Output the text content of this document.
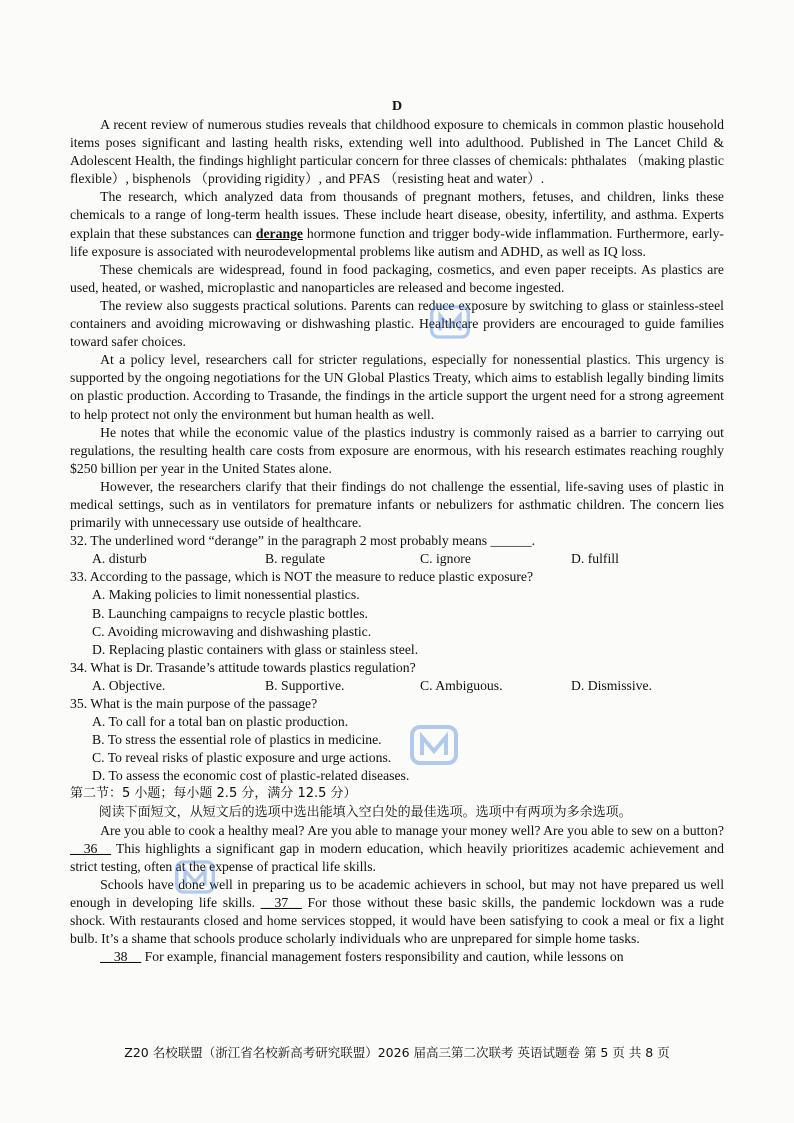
D

A recent review of numerous studies reveals that childhood exposure to chemicals in common plastic household items poses significant and lasting health risks, extending well into adulthood. Published in The Lancet Child & Adolescent Health, the findings highlight particular concern for three classes of chemicals: phthalates （making plastic flexible）, bisphenols （providing rigidity）, and PFAS （resisting heat and water）.

The research, which analyzed data from thousands of pregnant mothers, fetuses, and children, links these chemicals to a range of long-term health issues. These include heart disease, obesity, infertility, and asthma. Experts explain that these substances can derange hormone function and trigger body-wide inflammation. Furthermore, early-life exposure is associated with neurodevelopmental problems like autism and ADHD, as well as IQ loss.

These chemicals are widespread, found in food packaging, cosmetics, and even paper receipts. As plastics are used, heated, or washed, microplastic and nanoparticles are released and become ingested.

The review also suggests practical solutions. Parents can reduce exposure by switching to glass or stainless-steel containers and avoiding microwaving or dishwashing plastic. Healthcare providers are encouraged to guide families toward safer choices.

At a policy level, researchers call for stricter regulations, especially for nonessential plastics. This urgency is supported by the ongoing negotiations for the UN Global Plastics Treaty, which aims to establish legally binding limits on plastic production. According to Trasande, the findings in the article support the urgent need for a strong agreement to help protect not only the environment but human health as well.

He notes that while the economic value of the plastics industry is commonly raised as a barrier to carrying out regulations, the resulting health care costs from exposure are enormous, with his research estimates reaching roughly $250 billion per year in the United States alone.

However, the researchers clarify that their findings do not challenge the essential, life-saving uses of plastic in medical settings, such as in ventilators for premature infants or nebulizers for asthmatic children. The concern lies primarily with unnecessary use outside of healthcare.

32. The underlined word “derange” in the paragraph 2 most probably means ______.

A. disturb	B. regulate	C. ignore	D. fulfill

33. According to the passage, which is NOT the measure to reduce plastic exposure?

A. Making policies to limit nonessential plastics.
B. Launching campaigns to recycle plastic bottles.
C. Avoiding microwaving and dishwashing plastic.
D. Replacing plastic containers with glass or stainless steel.

34. What is Dr. Trasande’s attitude towards plastics regulation?

A. Objective.	B. Supportive.	C. Ambiguous.	D. Dismissive.

35. What is the main purpose of the passage?

A. To call for a total ban on plastic production.
B. To stress the essential role of plastics in medicine.
C. To reveal risks of plastic exposure and urge actions.
D. To assess the economic cost of plastic-related diseases.

第二节：5 小题；每小题 2.5 分，满分 12.5 分）

阅读下面短文，从短文后的选项中选出能填入空白处的最佳选项。选项中有两项为多余选项。

Are you able to cook a healthy meal? Are you able to manage your money well? Are you able to sew on a button? __36__ This highlights a significant gap in modern education, which heavily prioritizes academic achievement and strict testing, often at the expense of practical life skills.

Schools have done well in preparing us to be academic achievers in school, but may not have prepared us well enough in developing life skills. __37__ For those without these basic skills, the pandemic lockdown was a rude shock. With restaurants closed and home services stopped, it would have been satisfying to cook a meal or fix a light bulb. It’s a shame that schools produce scholarly individuals who are unprepared for simple home tasks.

__38__ For example, financial management fosters responsibility and caution, while lessons on

Z20 名校联盟（浙江省名校新高考研究联盟）2026 届高三第二次联考 英语试题卷 第 5 页 共 8 页
